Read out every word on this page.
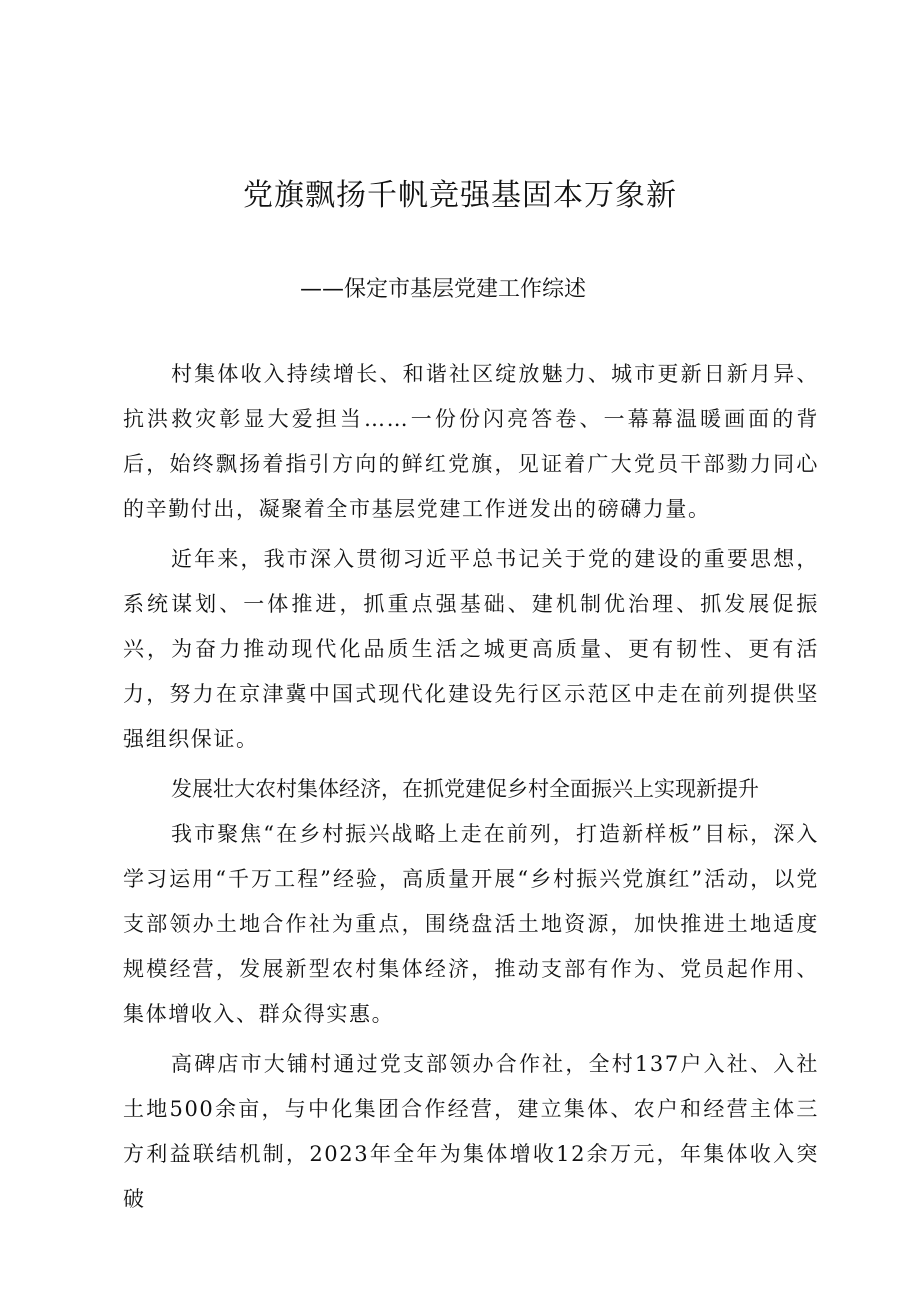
党旗飘扬千帆竞强基固本万象新
——保定市基层党建工作综述

村集体收入持续增长、和谐社区绽放魅力、城市更新日新月异、抗洪救灾彰显大爱担当……一份份闪亮答卷、一幕幕温暖画面的背后，始终飘扬着指引方向的鲜红党旗，见证着广大党员干部勠力同心的辛勤付出，凝聚着全市基层党建工作迸发出的磅礴力量。

近年来，我市深入贯彻习近平总书记关于党的建设的重要思想，系统谋划、一体推进，抓重点强基础、建机制优治理、抓发展促振兴，为奋力推动现代化品质生活之城更高质量、更有韧性、更有活力，努力在京津冀中国式现代化建设先行区示范区中走在前列提供坚强组织保证。

发展壮大农村集体经济，在抓党建促乡村全面振兴上实现新提升

我市聚焦“在乡村振兴战略上走在前列，打造新样板”目标，深入学习运用“千万工程”经验，高质量开展“乡村振兴党旗红”活动，以党支部领办土地合作社为重点，围绕盘活土地资源，加快推进土地适度规模经营，发展新型农村集体经济，推动支部有作为、党员起作用、集体增收入、群众得实惠。

高碑店市大铺村通过党支部领办合作社，全村137户入社、入社土地500余亩，与中化集团合作经营，建立集体、农户和经营主体三方利益联结机制，2023年全年为集体增收12余万元，年集体收入突破
